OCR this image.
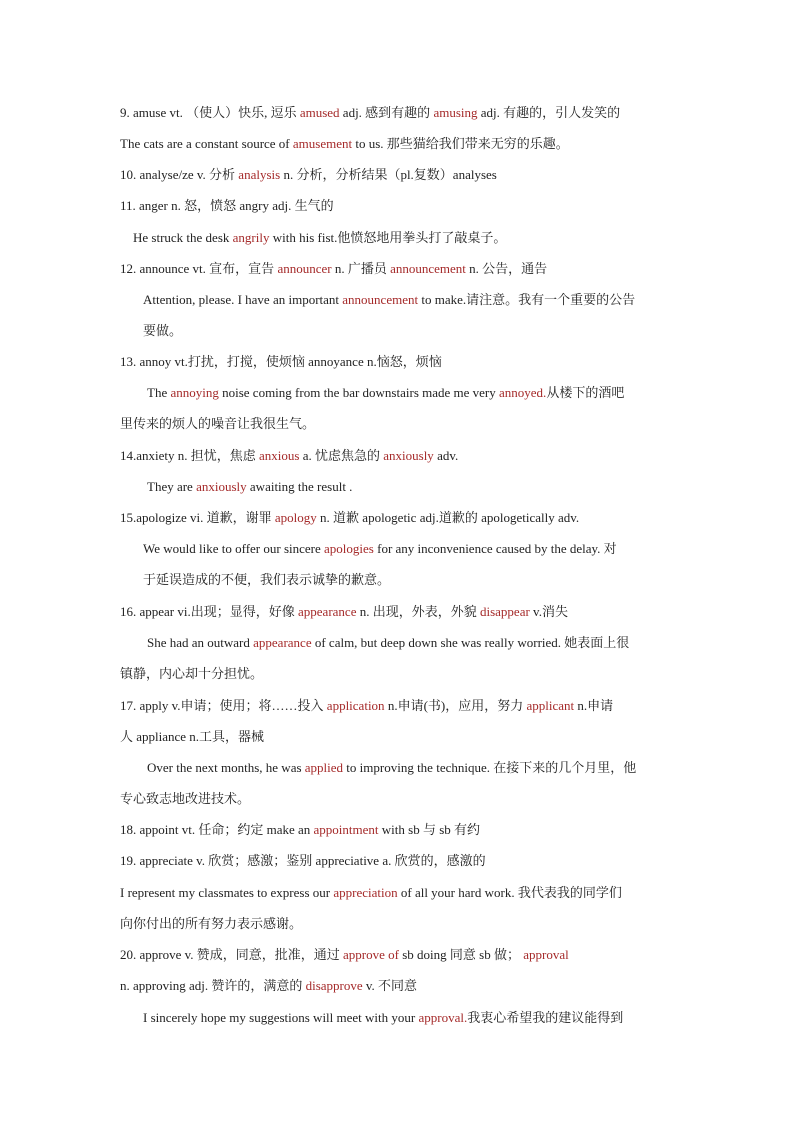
9. amuse vt. （使人）快乐, 逗乐 amused adj. 感到有趣的 amusing adj. 有趣的，引人发笑的
The cats are a constant source of amusement to us. 那些猫给我们带来无穷的乐趣。
10. analyse/ze v. 分析 analysis n. 分析，分析结果（pl.复数）analyses
11. anger n. 怒，愤怒 angry adj. 生气的
He struck the desk angrily with his fist.他愤怒地用拳头打了敲桌子。
12. announce vt. 宣布，宣告 announcer n. 广播员 announcement n. 公告，通告
Attention, please. I have an important announcement to make.请注意。我有一个重要的公告
要做。
13. annoy vt.打扰，打搅，使烦恼 annoyance n.恼怒，烦恼
The annoying noise coming from the bar downstairs made me very annoyed.从楼下的酒吧
里传来的烦人的噪音让我很生气。
14.anxiety n. 担忧，焦虑 anxious a. 忧虑焦急的 anxiously adv.
They are anxiously awaiting the result .
15.apologize vi. 道歉，谢罪 apology n. 道歉 apologetic adj.道歉的 apologetically adv.
We would like to offer our sincere apologies for any inconvenience caused by the delay. 对
于延误造成的不便，我们表示诚挚的歉意。
16. appear vi.出现；显得，好像 appearance n. 出现，外表，外貌 disappear v.消失
She had an outward appearance of calm, but deep down she was really worried. 她表面上很
镇静，内心却十分担忧。
17. apply v.申请；使用；将……投入 application n.申请(书)，应用，努力 applicant n.申请
人 appliance n.工具，器械
Over the next months, he was applied to improving the technique. 在接下来的几个月里，他
专心致志地改进技术。
18. appoint vt. 任命；约定 make an appointment with sb 与 sb 有约
19. appreciate v. 欣赏；感激；鉴别 appreciative a. 欣赏的，感激的
I represent my classmates to express our appreciation of all your hard work. 我代表我的同学们
向你付出的所有努力表示感谢。
20. approve v. 赞成，同意，批准，通过 approve of sb doing 同意 sb 做； approval
n. approving adj. 赞许的，满意的 disapprove v. 不同意
I sincerely hope my suggestions will meet with your approval.我衷心希望我的建议能得到
